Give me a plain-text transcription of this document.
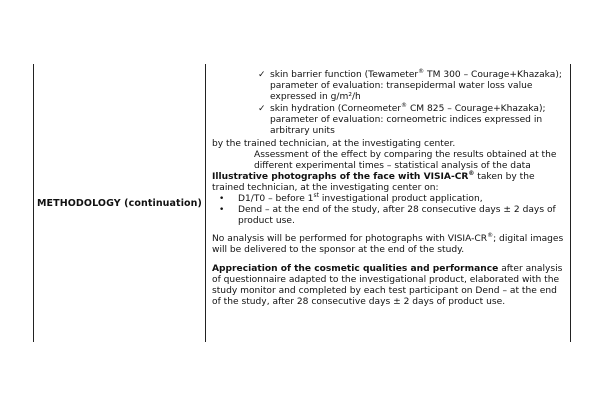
METHODOLOGY (continuation)
✓ skin barrier function (Tewameter® TM 300 – Courage+Khazaka); parameter of evaluation: transepidermal water loss value expressed in g/m²/h
✓ skin hydration (Corneometer® CM 825 – Courage+Khazaka); parameter of evaluation: corneometric indices expressed in arbitrary units

by the trained technician, at the investigating center.

Assessment of the effect by comparing the results obtained at the different experimental times – statistical analysis of the data

Illustrative photographs of the face with VISIA-CR® taken by the trained technician, at the investigating center on:

• D1/T0 – before 1st investigational product application,
• Dend – at the end of the study, after 28 consecutive days ± 2 days of product use.

No analysis will be performed for photographs with VISIA-CR®; digital images will be delivered to the sponsor at the end of the study.

Appreciation of the cosmetic qualities and performance after analysis of questionnaire adapted to the investigational product, elaborated with the study monitor and completed by each test participant on Dend – at the end of the study, after 28 consecutive days ± 2 days of product use.
